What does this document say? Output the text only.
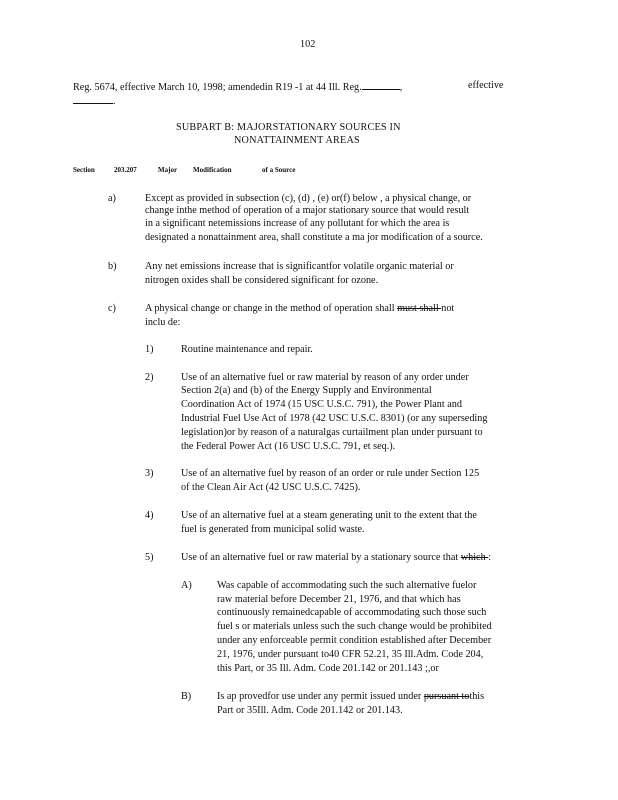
102
Reg. 5674, effective March 10, 1998; amendedin R19 -1 at 44 Ill. Reg.	,	effective
.
SUBPART B: MAJORSTATIONARY SOURCES IN
NONATTAINMENT AREAS
Section	203.207	Major Modification	of a Source
a)	Except as provided in subsection (c), (d) , (e) or(f) below , a physical change, or
change inthe method of operation of a major stationary source that would result
in a significant netemissions increase of any pollutant for which the area is
designated a nonattainment area, shall constitute a ma jor modification of a source.
b)	Any net emissions increase that is significantfor volatile organic material or
nitrogen oxides shall be considered significant for ozone.
c)	A physical change or change in the method of operation shall must shall not
inclu de:
1)	Routine maintenance and repair.
2)	Use of an alternative fuel or raw material by reason of any order under
Section 2(a) and (b) of the Energy Supply and Environmental
Coordination Act of 1974 (15 USC U.S.C. 791), the Power Plant and
Industrial Fuel Use Act of 1978 (42 USC U.S.C. 8301) (or any superseding
legislation)or by reason of a naturalgas curtailment plan under pursuant to
the Federal Power Act (16 USC U.S.C. 791, et seq.).
3)	Use of an alternative fuel by reason of an order or rule under Section 125
of the Clean Air Act (42 USC U.S.C. 7425).
4)	Use of an alternative fuel at a steam generating unit to the extent that the
fuel is generated from municipal solid waste.
5)	Use of an alternative fuel or raw material by a stationary source that which :
A) Was capable of accommodating such the such alternative fuelor
raw material before December 21, 1976, and that which has
continuously remainedcapable of accommodating such those such
fuel s or materials unless such the such change would be prohibited
under any enforceable permit condition established after December
21, 1976, under pursuant to40 CFR 52.21, 35 Ill.Adm. Code 204,
this Part, or 35 Ill. Adm. Code 201.142 or 201.143 ;,or
B)	Is ap provedfor use under any permit issued under pursuant tothis
Part or 35Ill. Adm. Code 201.142 or 201.143.
